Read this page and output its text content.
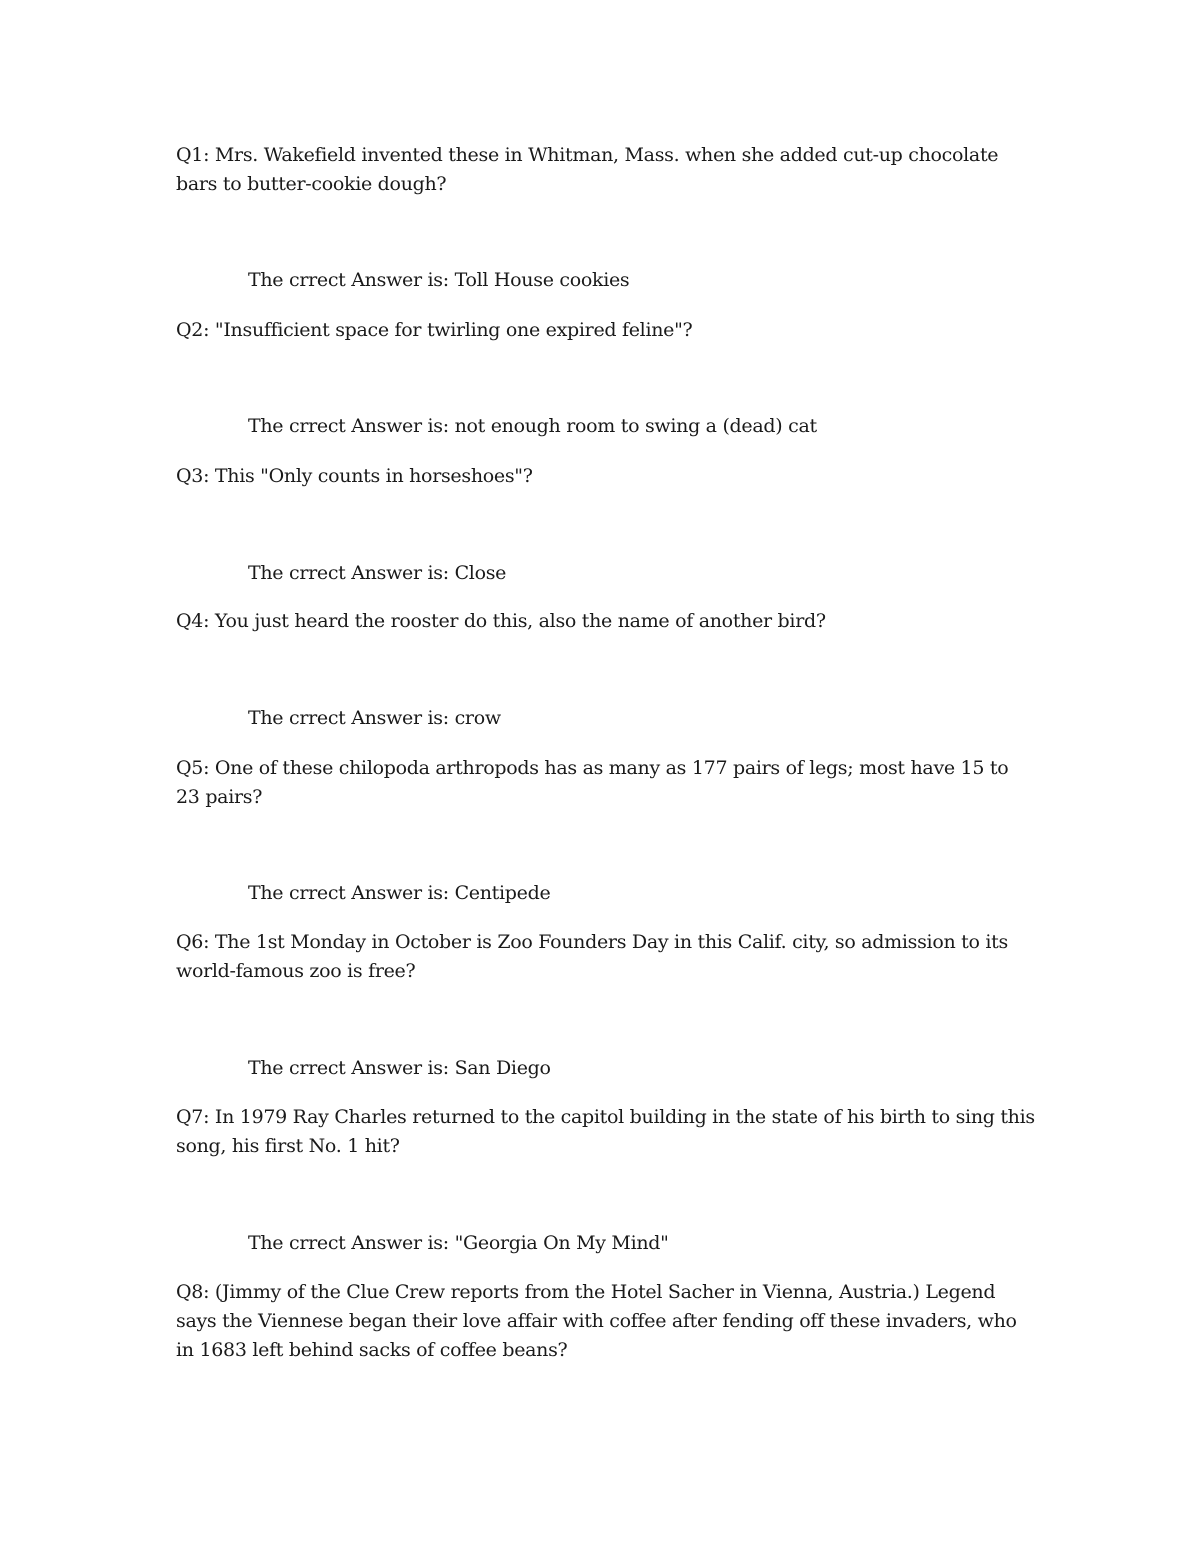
Q1: Mrs. Wakefield invented these in Whitman, Mass. when she added cut-up chocolate bars to butter-cookie dough?

The crrect Answer is: Toll House cookies

Q2: "Insufficient space for twirling one expired feline"?

The crrect Answer is: not enough room to swing a (dead) cat

Q3: This "Only counts in horseshoes"?

The crrect Answer is: Close

Q4: You just heard the rooster do this, also the name of another bird?

The crrect Answer is: crow

Q5: One of these chilopoda arthropods has as many as 177 pairs of legs; most have 15 to 23 pairs?

The crrect Answer is: Centipede

Q6: The 1st Monday in October is Zoo Founders Day in this Calif. city, so admission to its world-famous zoo is free?

The crrect Answer is: San Diego

Q7: In 1979 Ray Charles returned to the capitol building in the state of his birth to sing this song, his first No. 1 hit?

The crrect Answer is: "Georgia On My Mind"

Q8: (Jimmy of the Clue Crew reports from the Hotel Sacher in Vienna, Austria.) Legend says the Viennese began their love affair with coffee after fending off these invaders, who in 1683 left behind sacks of coffee beans?
